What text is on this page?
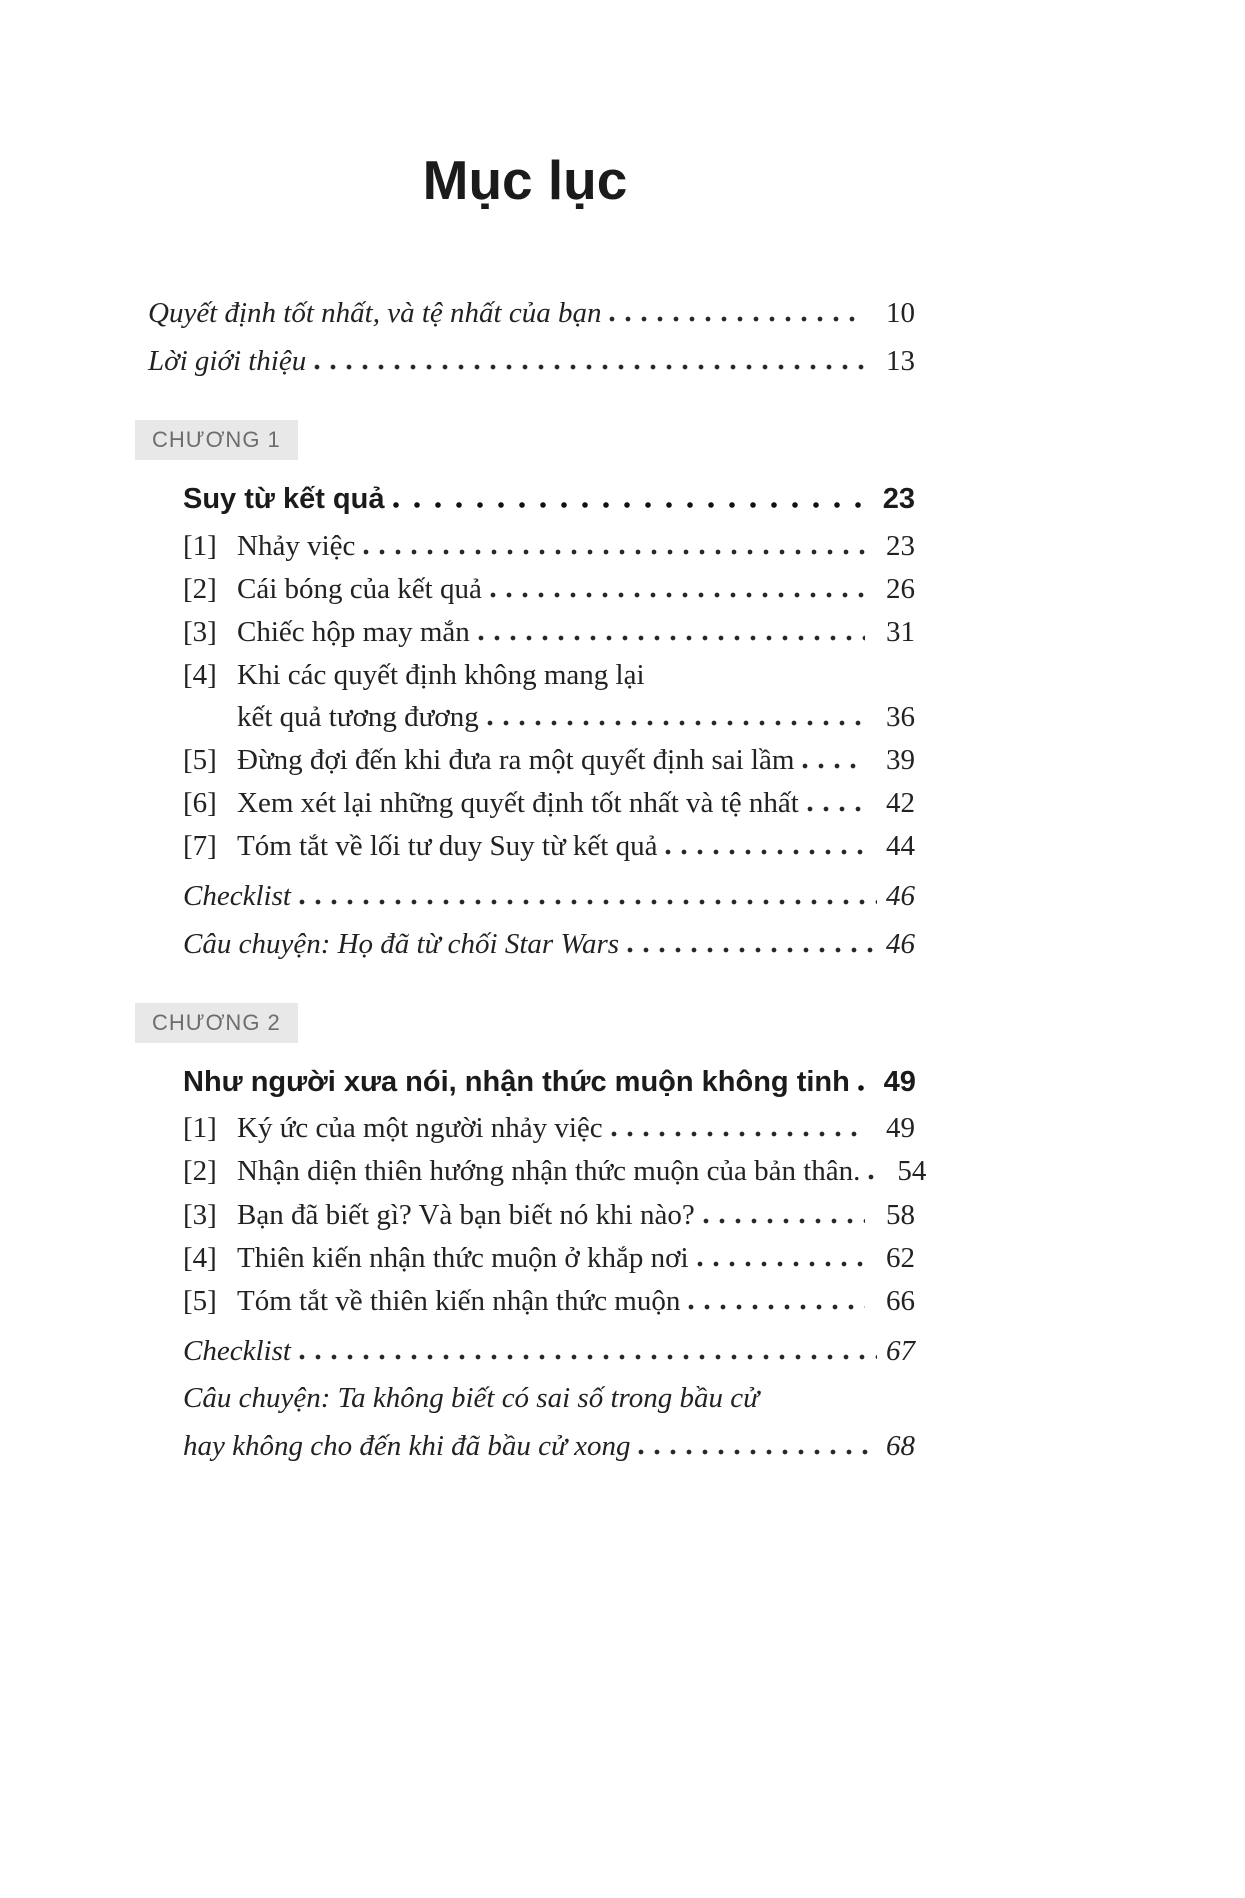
Mục lục
Quyết định tốt nhất, và tệ nhất của bạn	10
Lời giới thiệu	13
CHƯƠNG 1
Suy từ kết quả	23
[1] Nhảy việc	23
[2] Cái bóng của kết quả	26
[3] Chiếc hộp may mắn	31
[4] Khi các quyết định không mang lại
kết quả tương đương	36
[5] Đừng đợi đến khi đưa ra một quyết định sai lầm	39
[6] Xem xét lại những quyết định tốt nhất và tệ nhất	42
[7] Tóm tắt về lối tư duy Suy từ kết quả	44
Checklist	46
Câu chuyện: Họ đã từ chối Star Wars	46
CHƯƠNG 2
Như người xưa nói, nhận thức muộn không tinh	49
[1] Ký ức của một người nhảy việc	49
[2] Nhận diện thiên hướng nhận thức muộn của bản thân.	54
[3] Bạn đã biết gì? Và bạn biết nó khi nào?	58
[4] Thiên kiến nhận thức muộn ở khắp nơi	62
[5] Tóm tắt về thiên kiến nhận thức muộn	66
Checklist	67
Câu chuyện: Ta không biết có sai số trong bầu cử
hay không cho đến khi đã bầu cử xong	68
